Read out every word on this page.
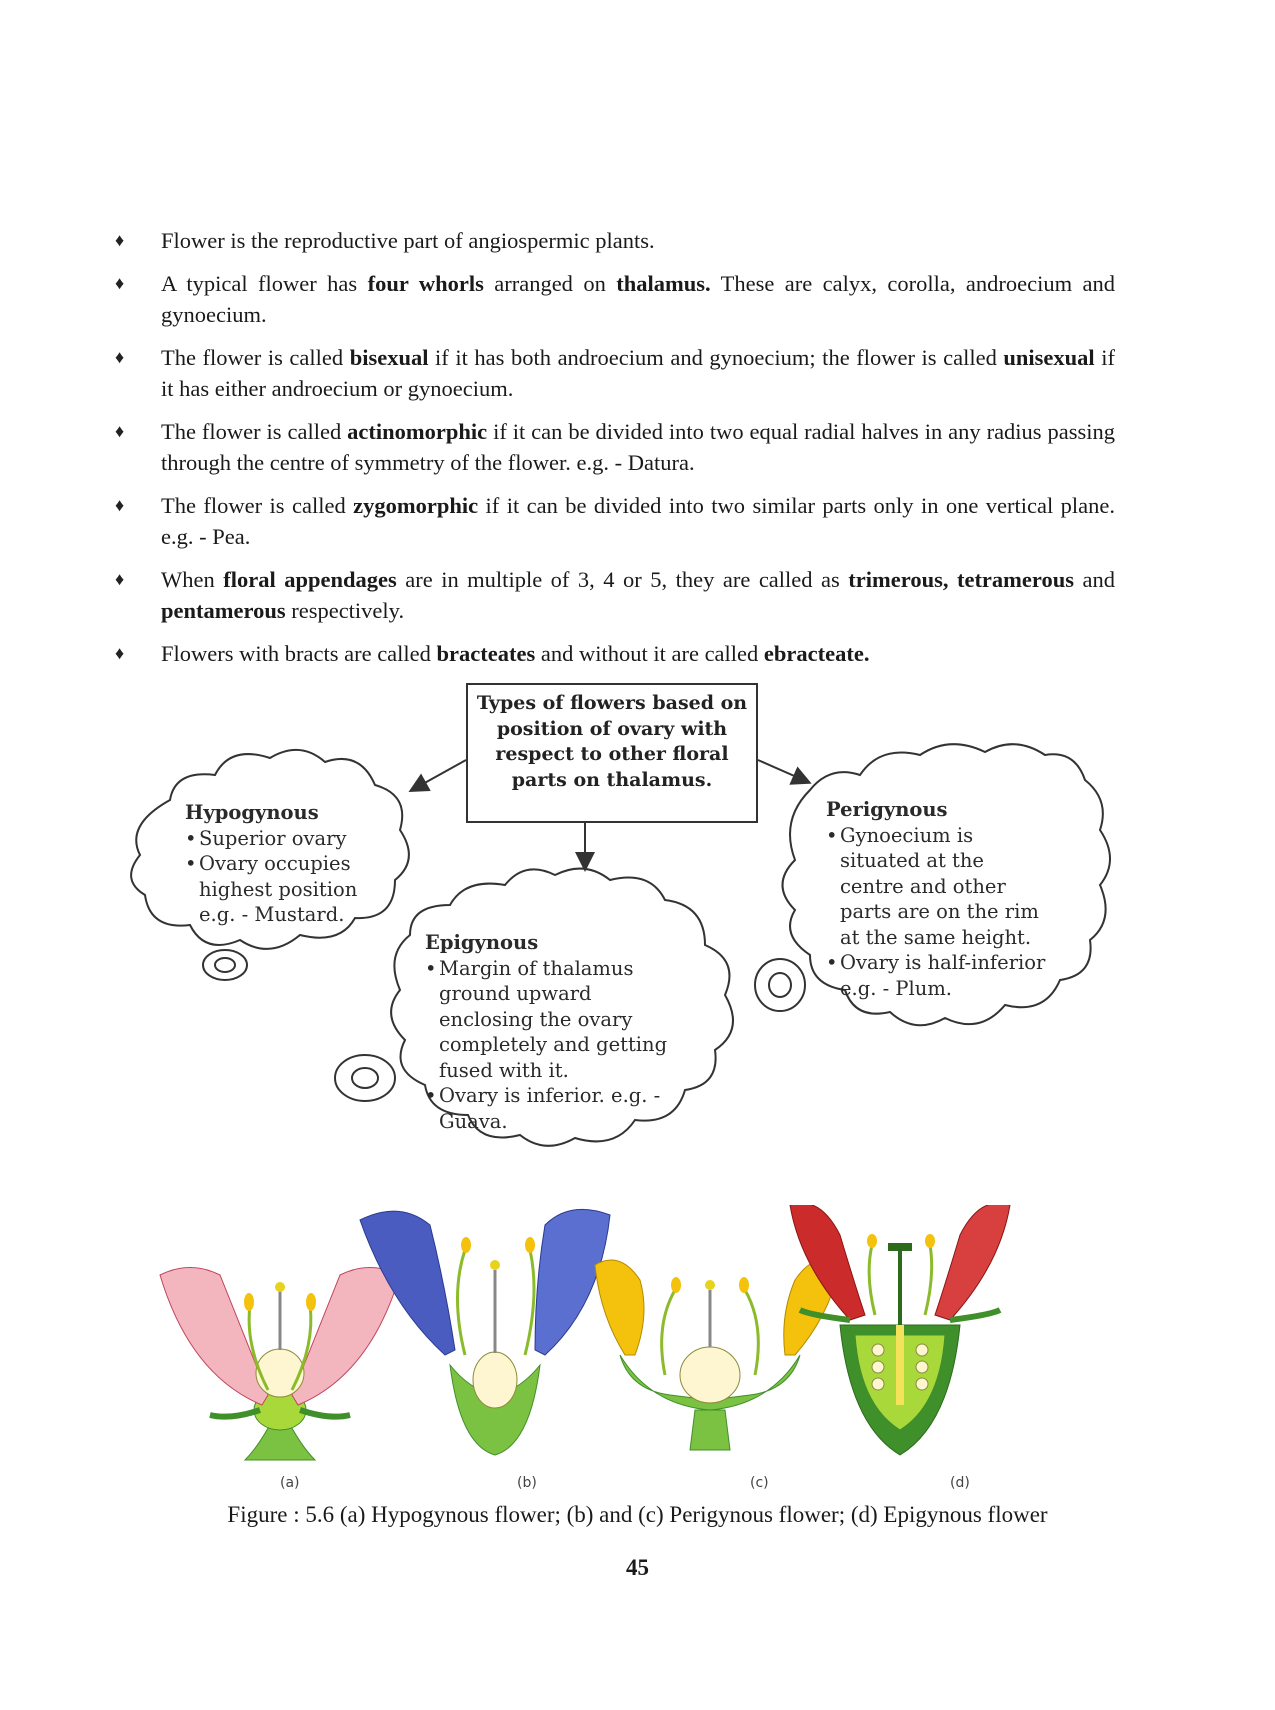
♦	Flower is the reproductive part of angiospermic plants.
♦	A typical flower has four whorls arranged on thalamus. These are calyx, corolla, androecium and gynoecium.
♦	The flower is called bisexual if it has both androecium and gynoecium; the flower is called unisexual if it has either androecium or gynoecium.
♦	The flower is called actinomorphic if it can be divided into two equal radial halves in any radius passing through the centre of symmetry of the flower. e.g. - Datura.
♦	The flower is called zygomorphic if it can be divided into two similar parts only in one vertical plane. e.g. - Pea.
♦	When floral appendages are in multiple of 3, 4 or 5, they are called as trimerous, tetramerous and pentamerous respectively.
♦	Flowers with bracts are called bracteates and without it are called ebracteate.
Types of flowers based on position of ovary with respect to other floral parts on thalamus.
Hypogynous
• Superior ovary
• Ovary occupies highest position e.g. - Mustard.
Epigynous
• Margin of thalamus ground upward enclosing the ovary completely and getting fused with it.
• Ovary is inferior. e.g. - Guava.
Perigynous
• Gynoecium is situated at the centre and other parts are on the rim at the same height.
• Ovary is half-inferior e.g. - Plum.
(a)	(b)	(c)	(d)
Figure : 5.6 (a) Hypogynous flower; (b) and (c) Perigynous flower; (d) Epigynous flower
45
